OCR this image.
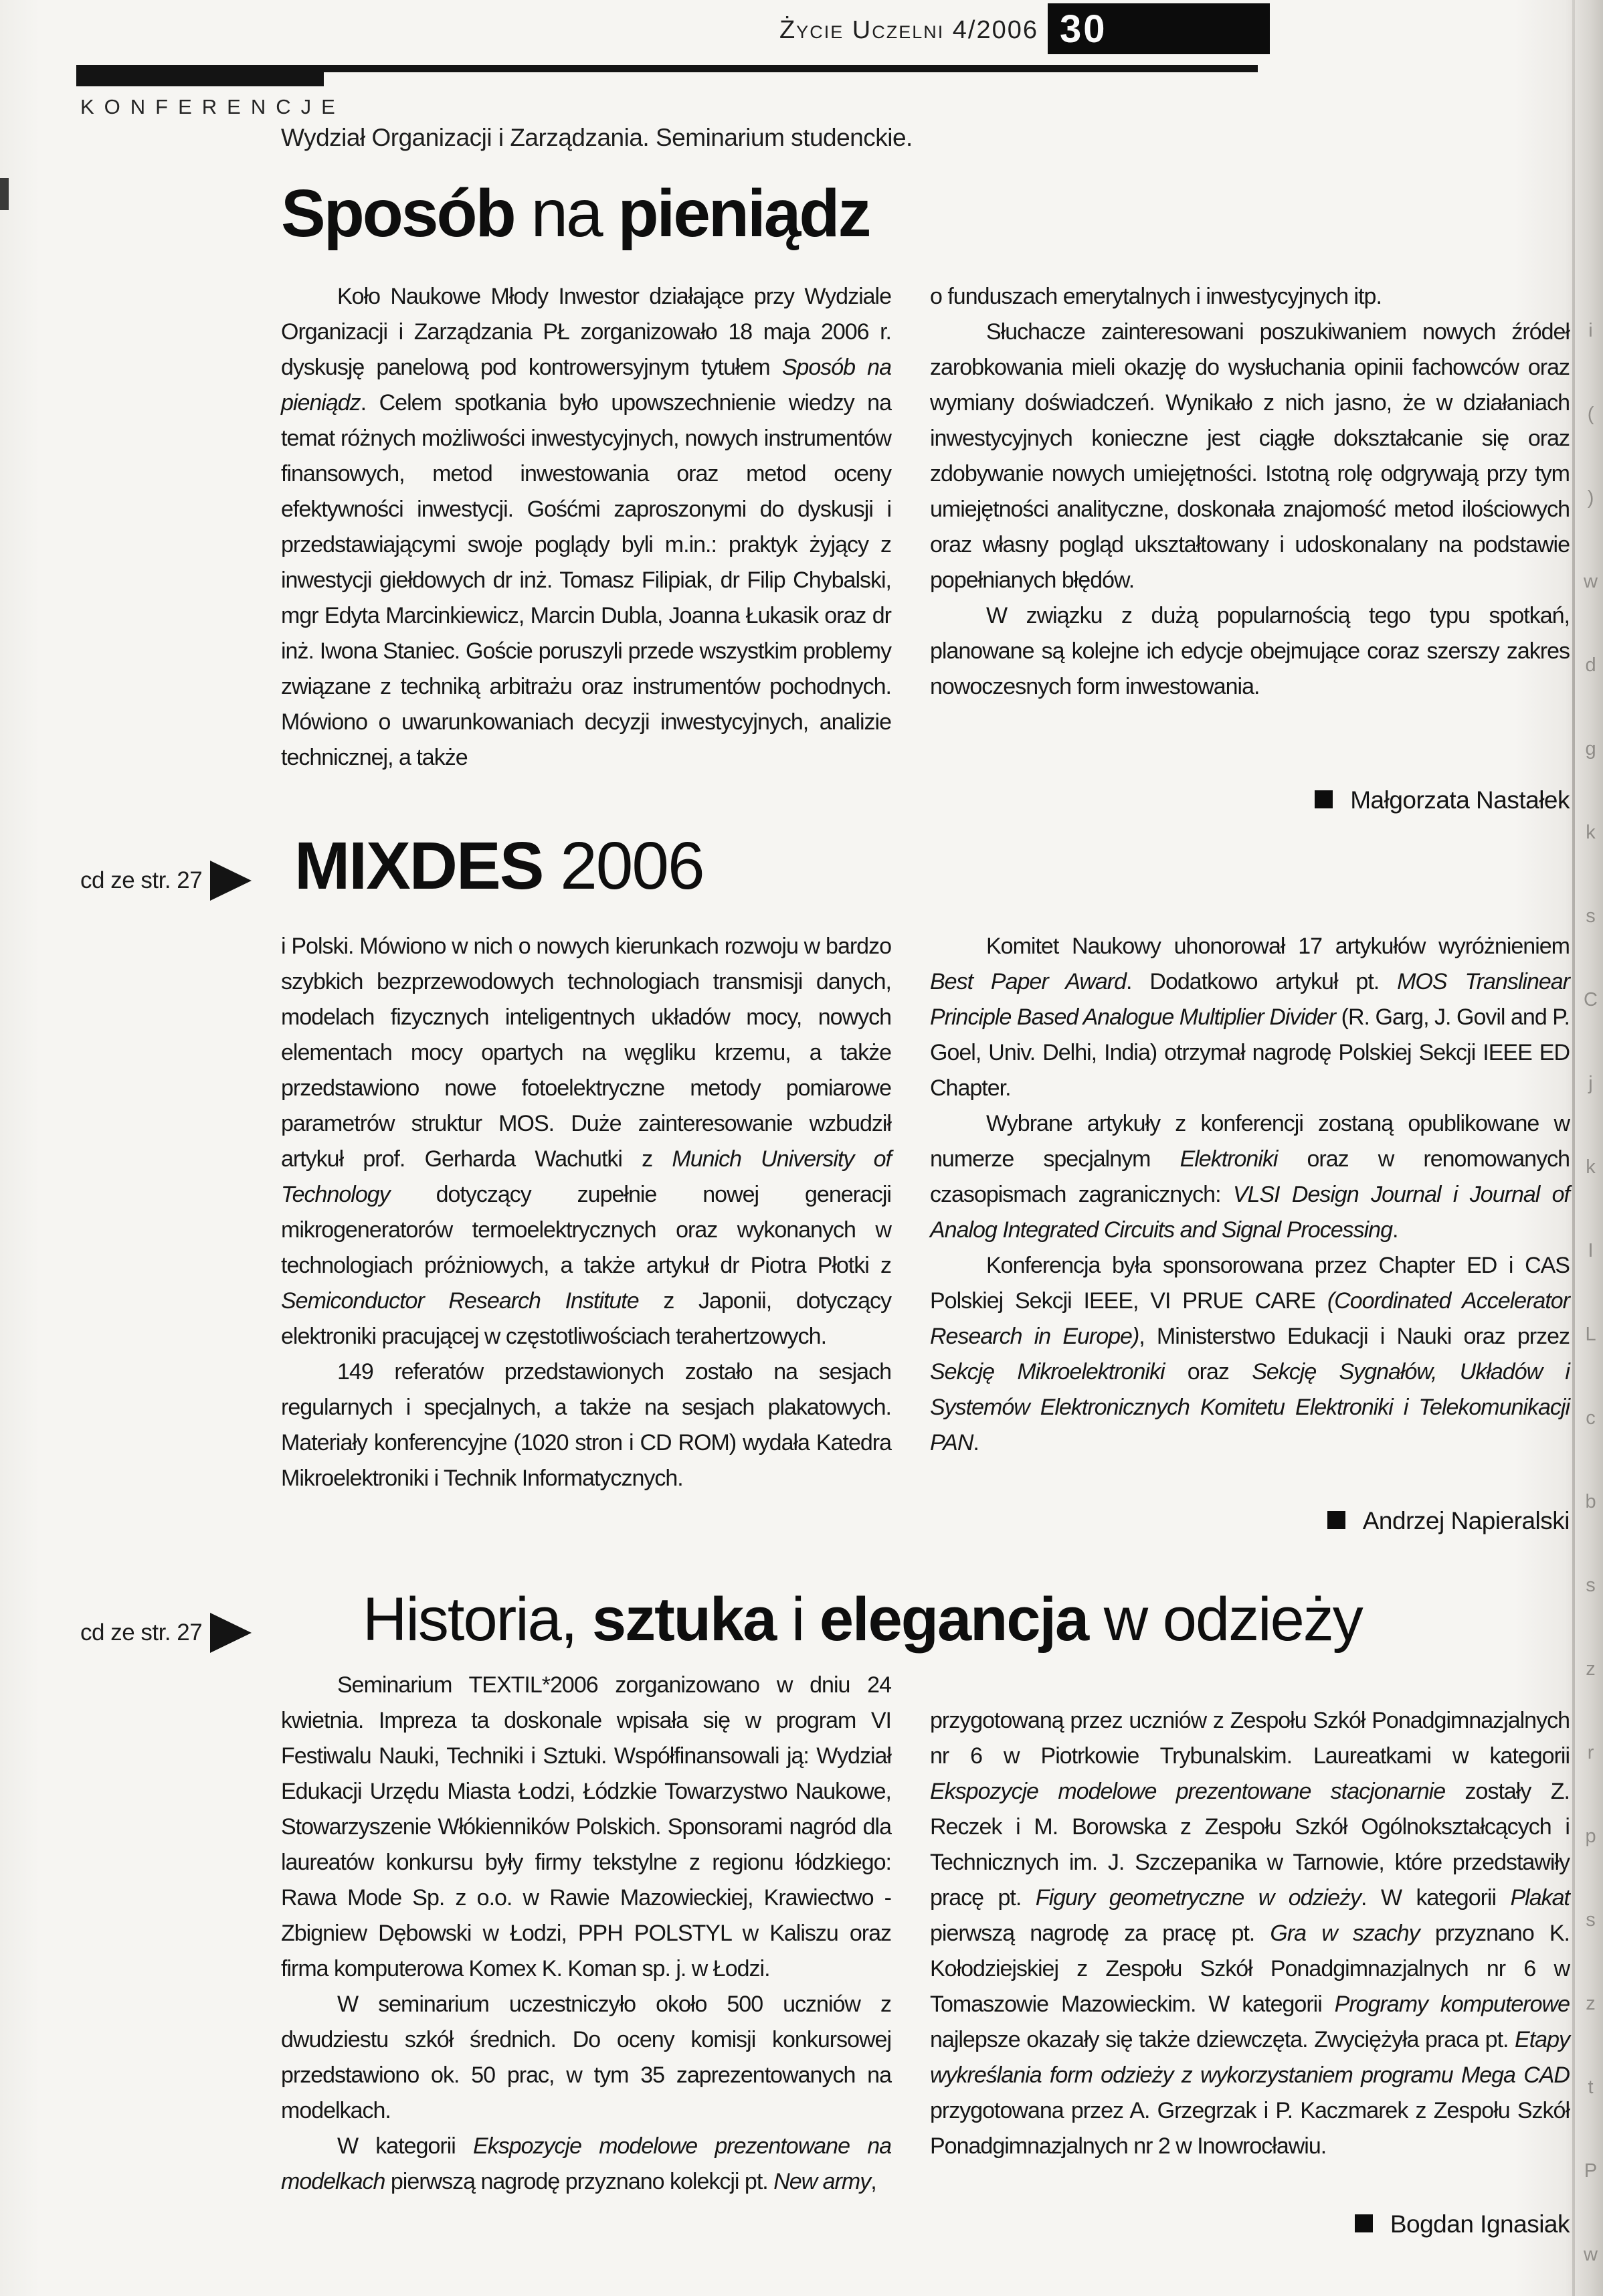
Życie Uczelni 4/2006 30
KONFERENCJE
Wydział Organizacji i Zarządzania. Seminarium studenckie.
Sposób na pieniądz

Koło Naukowe Młody Inwestor działające przy Wydziale Organizacji i Zarządzania PŁ zorganizowało 18 maja 2006 r. dyskusję panelową pod kontrowersyjnym tytułem Sposób na pieniądz. Celem spotkania było upowszechnienie wiedzy na temat różnych możliwości inwestycyjnych, nowych instrumentów finansowych, metod inwestowania oraz metod oceny efektywności inwestycji. Gośćmi zaproszonymi do dyskusji i przedstawiającymi swoje poglądy byli m.in.: praktyk żyjący z inwestycji giełdowych dr inż. Tomasz Filipiak, dr Filip Chybalski, mgr Edyta Marcinkiewicz, Marcin Dubla, Joanna Łukasik oraz dr inż. Iwona Staniec. Goście poruszyli przede wszystkim problemy związane z techniką arbitrażu oraz instrumentów pochodnych. Mówiono o uwarunkowaniach decyzji inwestycyjnych, analizie technicznej, a także

o funduszach emerytalnych i inwestycyjnych itp.

Słuchacze zainteresowani poszukiwaniem nowych źródeł zarobkowania mieli okazję do wysłuchania opinii fachowców oraz wymiany doświadczeń. Wynikało z nich jasno, że w działaniach inwestycyjnych konieczne jest ciągłe dokształcanie się oraz zdobywanie nowych umiejętności. Istotną rolę odgrywają przy tym umiejętności analityczne, doskonała znajomość metod ilościowych oraz własny pogląd ukształtowany i udoskonalany na podstawie popełnianych błędów.

W związku z dużą popularnością tego typu spotkań, planowane są kolejne ich edycje obejmujące coraz szerszy zakres nowoczesnych form inwestowania.

Małgorzata Nastałek
cd ze str. 27 MIXDES 2006

i Polski. Mówiono w nich o nowych kierunkach rozwoju w bardzo szybkich bezprzewodowych technologiach transmisji danych, modelach fizycznych inteligentnych układów mocy, nowych elementach mocy opartych na węgliku krzemu, a także przedstawiono nowe fotoelektryczne metody pomiarowe parametrów struktur MOS. Duże zainteresowanie wzbudził artykuł prof. Gerharda Wachutki z Munich University of Technology dotyczący zupełnie nowej generacji mikrogeneratorów termoelektrycznych oraz wykonanych w technologiach próżniowych, a także artykuł dr Piotra Płotki z Semiconductor Research Institute z Japonii, dotyczący elektroniki pracującej w częstotliwościach terahertzowych.

149 referatów przedstawionych zostało na sesjach regularnych i specjalnych, a także na sesjach plakatowych. Materiały konferencyjne (1020 stron i CD ROM) wydała Katedra Mikroelektroniki i Technik Informatycznych.

Komitet Naukowy uhonorował 17 artykułów wyróżnieniem Best Paper Award. Dodatkowo artykuł pt. MOS Translinear Principle Based Analogue Multiplier Divider (R. Garg, J. Govil and P. Goel, Univ. Delhi, India) otrzymał nagrodę Polskiej Sekcji IEEE ED Chapter.

Wybrane artykuły z konferencji zostaną opublikowane w numerze specjalnym Elektroniki oraz w renomowanych czasopismach zagranicznych: VLSI Design Journal i Journal of Analog Integrated Circuits and Signal Processing.

Konferencja była sponsorowana przez Chapter ED i CAS Polskiej Sekcji IEEE, VI PRUE CARE (Coordinated Accelerator Research in Europe), Ministerstwo Edukacji i Nauki oraz przez Sekcję Mikroelektroniki oraz Sekcję Sygnałów, Układów i Systemów Elektronicznych Komitetu Elektroniki i Telekomunikacji PAN.

Andrzej Napieralski
cd ze str. 27	Historia, sztuka i elegancja w odzieży

Seminarium TEXTIL*2006 zorganizowano w dniu 24 kwietnia. Impreza ta doskonale wpisała się w program VI Festiwalu Nauki, Techniki i Sztuki. Współfinansowali ją: Wydział Edukacji Urzędu Miasta Łodzi, Łódzkie Towarzystwo Naukowe, Stowarzyszenie Włókienników Polskich. Sponsorami nagród dla laureatów konkursu były firmy tekstylne z regionu łódzkiego: Rawa Mode Sp. z o.o. w Rawie Mazowieckiej, Krawiectwo - Zbigniew Dębowski w Łodzi, PPH POLSTYL w Kaliszu oraz firma komputerowa Komex K. Koman sp. j. w Łodzi.

W seminarium uczestniczyło około 500 uczniów z dwudziestu szkół średnich. Do oceny komisji konkursowej przedstawiono ok. 50 prac, w tym 35 zaprezentowanych na modelkach.

W kategorii Ekspozycje modelowe prezentowane na modelkach pierwszą nagrodę przyznano kolekcji pt. New army,

przygotowaną przez uczniów z Zespołu Szkół Ponadgimnazjalnych nr 6 w Piotrkowie Trybunalskim. Laureatkami w kategorii Ekspozycje modelowe prezentowane stacjonarnie zostały Z. Reczek i M. Borowska z Zespołu Szkół Ogólnokształcących i Technicznych im. J. Szczepanika w Tarnowie, które przedstawiły pracę pt. Figury geometryczne w odzieży. W kategorii Plakat pierwszą nagrodę za pracę pt. Gra w szachy przyznano K. Kołodziejskiej z Zespołu Szkół Ponadgimnazjalnych nr 6 w Tomaszowie Mazowieckim. W kategorii Programy komputerowe najlepsze okazały się także dziewczęta. Zwyciężyła praca pt. Etapy wykreślania form odzieży z wykorzystaniem programu Mega CAD przygotowana przez A. Grzegrzak i P. Kaczmarek z Zespołu Szkół Ponadgimnazjalnych nr 2 w Inowrocławiu.

Bogdan Ignasiak
i
(
)
w
d
g
k
s
C
j
k
I
L
c
b
s
z
r
p
s
z
t
P
w
